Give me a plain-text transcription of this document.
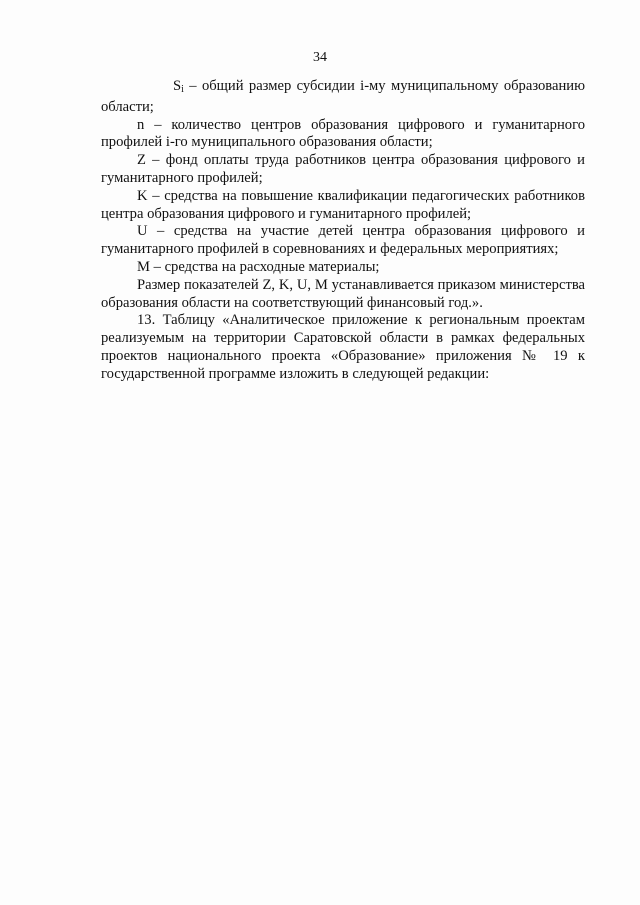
34

$S_i$ – общий размер субсидии i-му муниципальному образованию области;

n – количество центров образования цифрового и гуманитарного профилей i-го муниципального образования области;

Z – фонд оплаты труда работников центра образования цифрового и гуманитарного профилей;

K – средства на повышение квалификации педагогических работников центра образования цифрового и гуманитарного профилей;

U – средства на участие детей центра образования цифрового и гуманитарного профилей в соревнованиях и федеральных мероприятиях;

M – средства на расходные материалы;

Размер показателей Z, K, U, M устанавливается приказом министерства образования области на соответствующий финансовый год.».

13. Таблицу «Аналитическое приложение к региональным проектам реализуемым на территории Саратовской области в рамках федеральных проектов национального проекта «Образование» приложения № 19 к государственной программе изложить в следующей редакции:
